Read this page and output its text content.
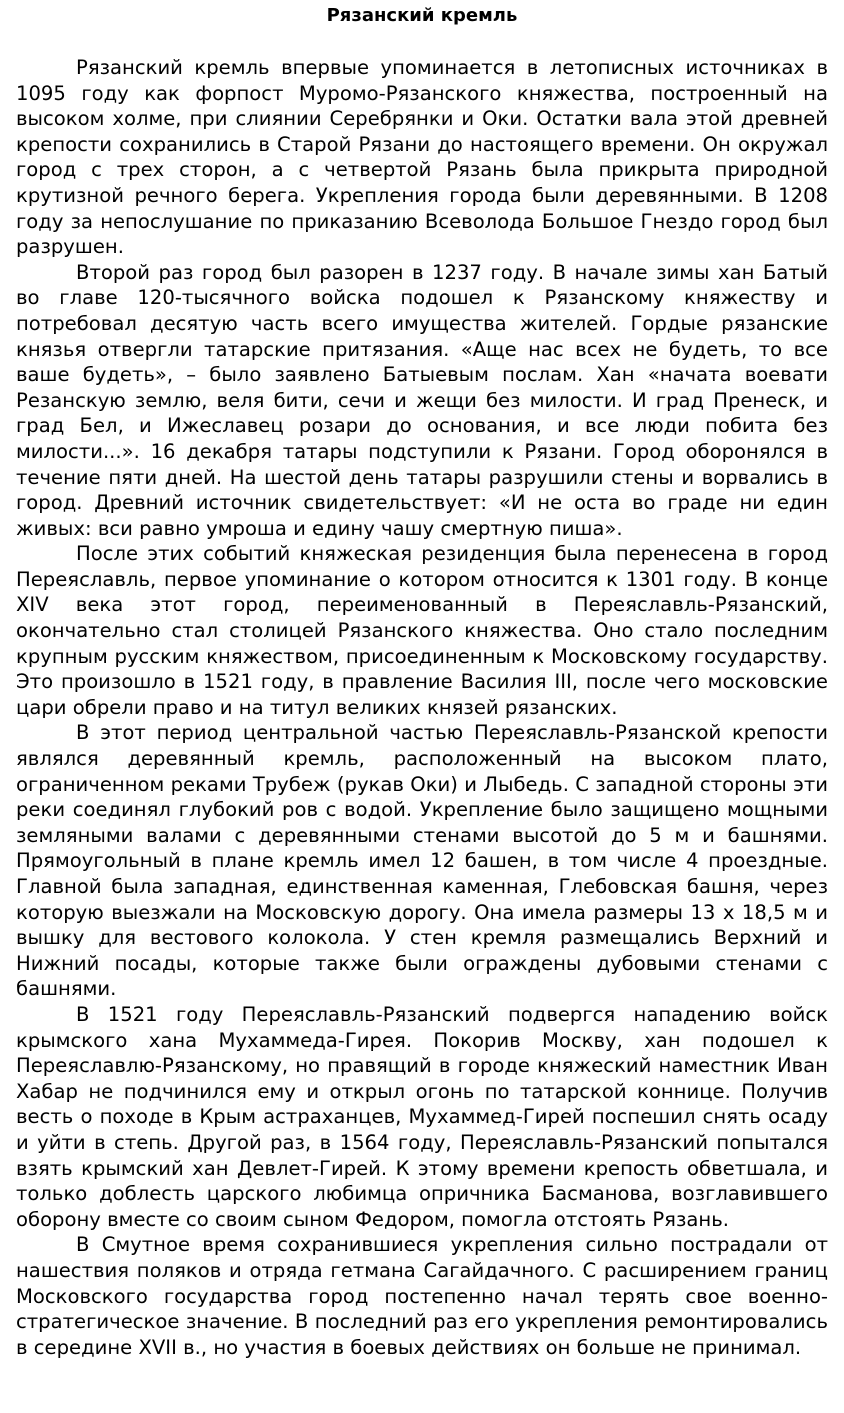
Рязанский кремль

Рязанский кремль впервые упоминается в летописных источниках в 1095 году как форпост Муромо-Рязанского княжества, построенный на высоком холме, при слиянии Серебрянки и Оки. Остатки вала этой древней крепости сохранились в Старой Рязани до настоящего времени. Он окружал город с трех сторон, а с четвертой Рязань была прикрыта природной крутизной речного берега. Укрепления города были деревянными. В 1208 году за непослушание по приказанию Всеволода Большое Гнездо город был разрушен.

Второй раз город был разорен в 1237 году. В начале зимы хан Батый во главе 120-тысячного войска подошел к Рязанскому княжеству и потребовал десятую часть всего имущества жителей. Гордые рязанские князья отвергли татарские притязания. «Аще нас всех не будеть, то все ваше будеть», – было заявлено Батыевым послам. Хан «начата воевати Резанскую землю, веля бити, сечи и жещи без милости. И град Пренеск, и град Бел, и Ижеславец розари до основания, и все люди побита без милости...». 16 декабря татары подступили к Рязани. Город оборонялся в течение пяти дней. На шестой день татары разрушили стены и ворвались в город. Древний источник свидетельствует: «И не оста во граде ни един живых: вси равно умроша и едину чашу смертную пиша».

После этих событий княжеская резиденция была перенесена в город Переяславль, первое упоминание о котором относится к 1301 году. В конце XIV века этот город, переименованный в Переяславль-Рязанский, окончательно стал столицей Рязанского княжества. Оно стало последним крупным русским княжеством, присоединенным к Московскому государству. Это произошло в 1521 году, в правление Василия III, после чего московские цари обрели право и на титул великих князей рязанских.

В этот период центральной частью Переяславль-Рязанской крепости являлся деревянный кремль, расположенный на высоком плато, ограниченном реками Трубеж (рукав Оки) и Лыбедь. С западной стороны эти реки соединял глубокий ров с водой. Укрепление было защищено мощными земляными валами с деревянными стенами высотой до 5 м и башнями. Прямоугольный в плане кремль имел 12 башен, в том числе 4 проездные. Главной была западная, единственная каменная, Глебовская башня, через которую выезжали на Московскую дорогу. Она имела размеры 13 х 18,5 м и вышку для вестового колокола. У стен кремля размещались Верхний и Нижний посады, которые также были ограждены дубовыми стенами с башнями.

В 1521 году Переяславль-Рязанский подвергся нападению войск крымского хана Мухаммеда-Гирея. Покорив Москву, хан подошел к Переяславлю-Рязанскому, но правящий в городе княжеский наместник Иван Хабар не подчинился ему и открыл огонь по татарской коннице. Получив весть о походе в Крым астраханцев, Мухаммед-Гирей поспешил снять осаду и уйти в степь. Другой раз, в 1564 году, Переяславль-Рязанский попытался взять крымский хан Девлет-Гирей. К этому времени крепость обветшала, и только доблесть царского любимца опричника Басманова, возглавившего оборону вместе со своим сыном Федором, помогла отстоять Рязань.

В Смутное время сохранившиеся укрепления сильно пострадали от нашествия поляков и отряда гетмана Сагайдачного. С расширением границ Московского государства город постепенно начал терять свое военно-стратегическое значение. В последний раз его укрепления ремонтировались в середине XVII в., но участия в боевых действиях он больше не принимал.
